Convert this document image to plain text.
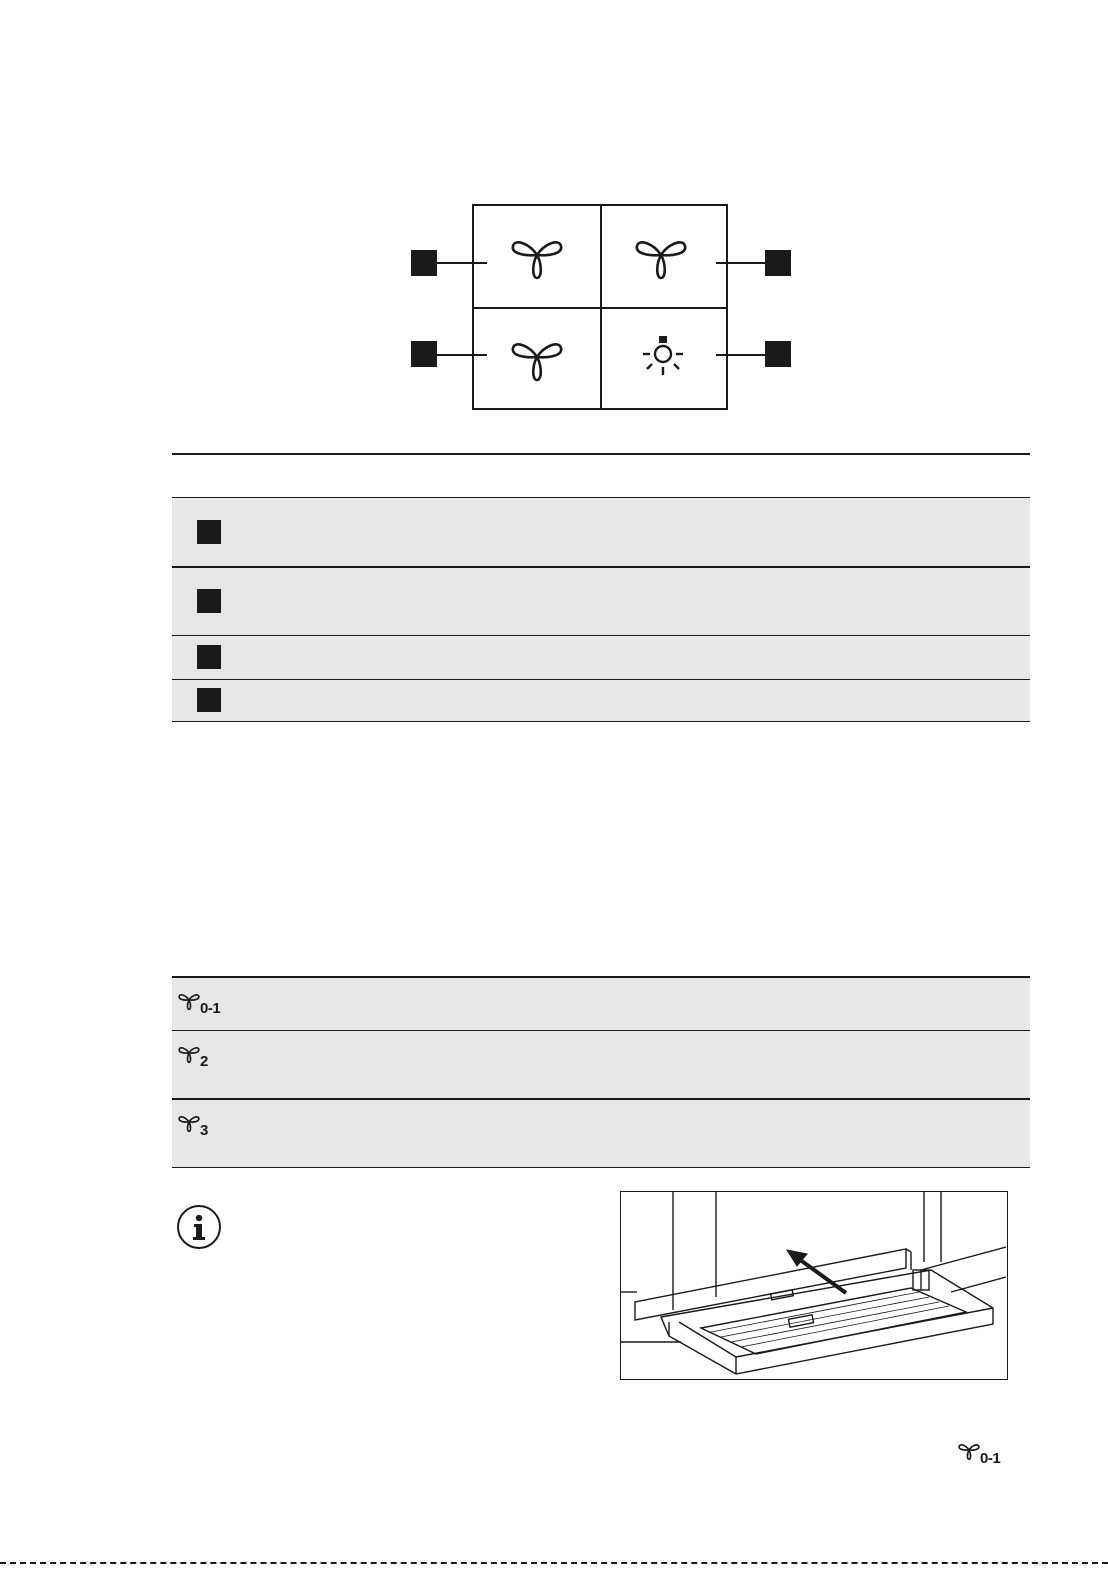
0-1
2
3
0-1
